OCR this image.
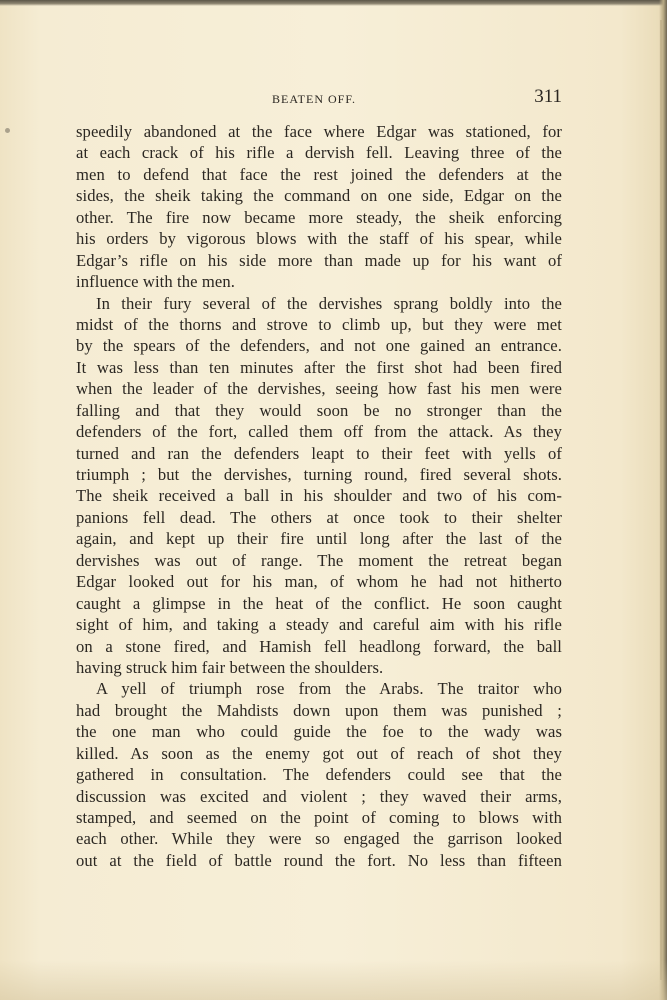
BEATEN OFF.	311
speedily abandoned at the face where Edgar was stationed, for
at each crack of his rifle a dervish fell. Leaving three of the
men to defend that face the rest joined the defenders at the
sides, the sheik taking the command on one side, Edgar on the
other. The fire now became more steady, the sheik enforcing
his orders by vigorous blows with the staff of his spear, while
Edgar’s rifle on his side more than made up for his want of
influence with the men.
In their fury several of the dervishes sprang boldly into the
midst of the thorns and strove to climb up, but they were met
by the spears of the defenders, and not one gained an entrance.
It was less than ten minutes after the first shot had been fired
when the leader of the dervishes, seeing how fast his men were
falling and that they would soon be no stronger than the
defenders of the fort, called them off from the attack. As they
turned and ran the defenders leapt to their feet with yells of
triumph ; but the dervishes, turning round, fired several shots.
The sheik received a ball in his shoulder and two of his com-
panions fell dead. The others at once took to their shelter
again, and kept up their fire until long after the last of the
dervishes was out of range. The moment the retreat began
Edgar looked out for his man, of whom he had not hitherto
caught a glimpse in the heat of the conflict. He soon caught
sight of him, and taking a steady and careful aim with his rifle
on a stone fired, and Hamish fell headlong forward, the ball
having struck him fair between the shoulders.
A yell of triumph rose from the Arabs. The traitor who
had brought the Mahdists down upon them was punished ;
the one man who could guide the foe to the wady was
killed. As soon as the enemy got out of reach of shot they
gathered in consultation. The defenders could see that the
discussion was excited and violent ; they waved their arms,
stamped, and seemed on the point of coming to blows with
each other. While they were so engaged the garrison looked
out at the field of battle round the fort. No less than fifteen
